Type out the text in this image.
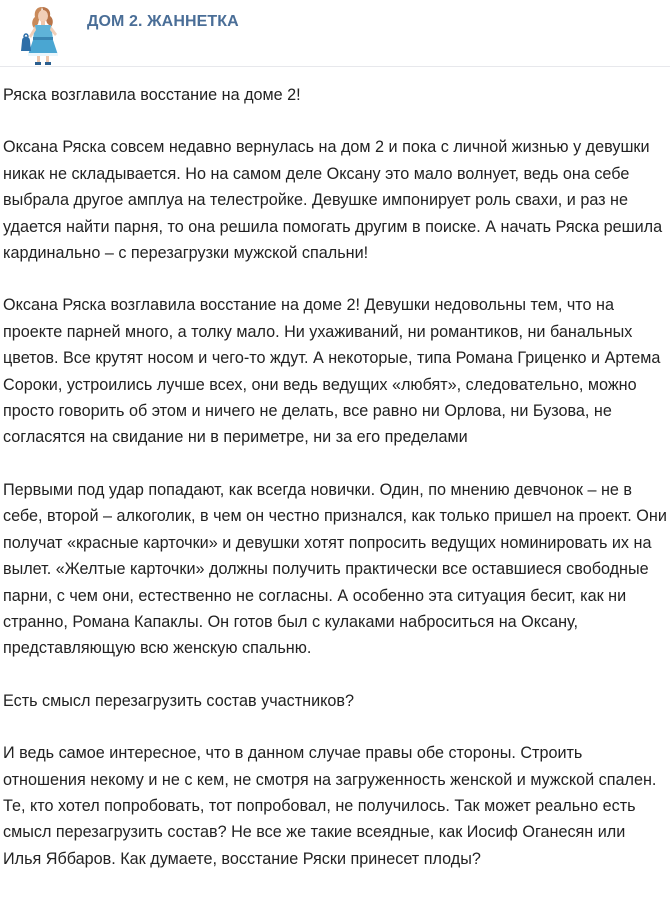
ДОМ 2. ЖАННЕТКА

Ряска возглавила восстание на доме 2!

Оксана Ряска совсем недавно вернулась на дом 2 и пока с личной жизнью у девушки никак не складывается. Но на самом деле Оксану это мало волнует, ведь она себе выбрала другое амплуа на телестройке. Девушке импонирует роль свахи, и раз не удается найти парня, то она решила помогать другим в поиске. А начать Ряска решила кардинально – с перезагрузки мужской спальни!

Оксана Ряска возглавила восстание на доме 2! Девушки недовольны тем, что на проекте парней много, а толку мало. Ни ухаживаний, ни романтиков, ни банальных цветов. Все крутят носом и чего-то ждут. А некоторые, типа Романа Гриценко и Артема Сороки, устроились лучше всех, они ведь ведущих «любят», следовательно, можно просто говорить об этом и ничего не делать, все равно ни Орлова, ни Бузова, не согласятся на свидание ни в периметре, ни за его пределами

Первыми под удар попадают, как всегда новички. Один, по мнению девчонок – не в себе, второй – алкоголик, в чем он честно признался, как только пришел на проект. Они получат «красные карточки» и девушки хотят попросить ведущих номинировать их на вылет. «Желтые карточки» должны получить практически все оставшиеся свободные парни, с чем они, естественно не согласны. А особенно эта ситуация бесит, как ни странно, Романа Капаклы. Он готов был с кулаками наброситься на Оксану, представляющую всю женскую спальню.

Есть смысл перезагрузить состав участников?

И ведь самое интересное, что в данном случае правы обе стороны. Строить отношения некому и не с кем, не смотря на загруженность женской и мужской спален. Те, кто хотел попробовать, тот попробовал, не получилось. Так может реально есть смысл перезагрузить состав? Не все же такие всеядные, как Иосиф Оганесян или Илья Яббаров. Как думаете, восстание Ряски принесет плоды?
